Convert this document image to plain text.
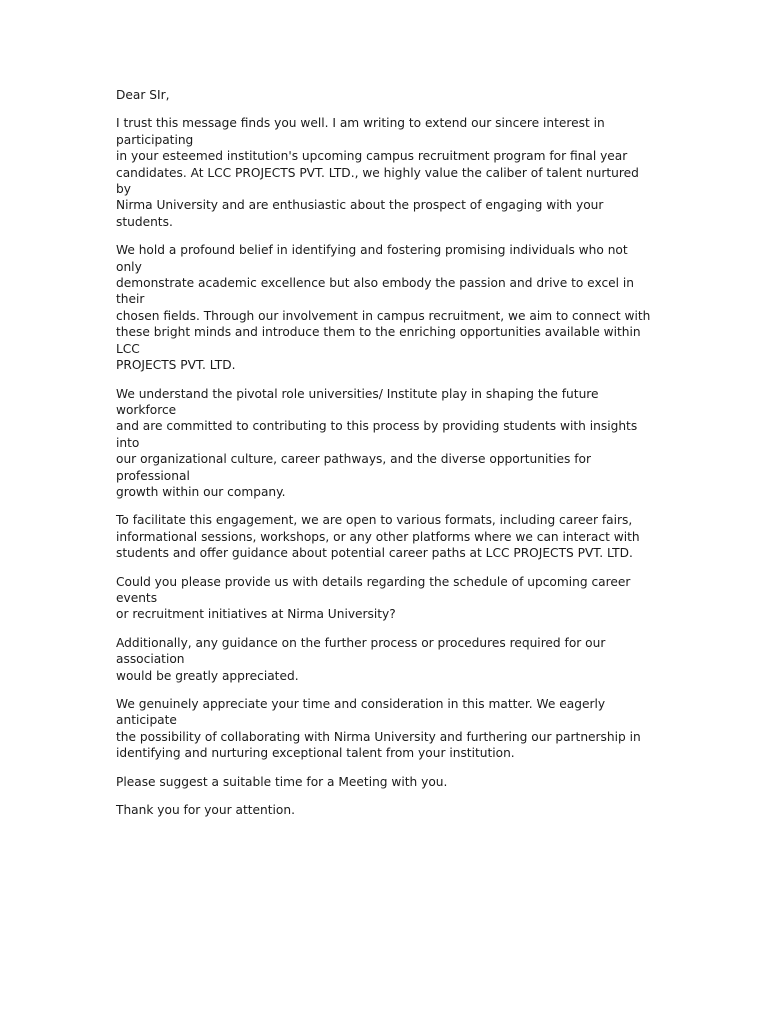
Dear SIr,

I trust this message finds you well. I am writing to extend our sincere interest in participating
in your esteemed institution's upcoming campus recruitment program for final year
candidates. At LCC PROJECTS PVT. LTD., we highly value the caliber of talent nurtured by
Nirma University and are enthusiastic about the prospect of engaging with your students.

We hold a profound belief in identifying and fostering promising individuals who not only
demonstrate academic excellence but also embody the passion and drive to excel in their
chosen fields. Through our involvement in campus recruitment, we aim to connect with
these bright minds and introduce them to the enriching opportunities available within LCC
PROJECTS PVT. LTD.

We understand the pivotal role universities/ Institute play in shaping the future workforce
and are committed to contributing to this process by providing students with insights into
our organizational culture, career pathways, and the diverse opportunities for professional
growth within our company.

To facilitate this engagement, we are open to various formats, including career fairs,
informational sessions, workshops, or any other platforms where we can interact with
students and offer guidance about potential career paths at LCC PROJECTS PVT. LTD.

Could you please provide us with details regarding the schedule of upcoming career events
or recruitment initiatives at Nirma University?

Additionally, any guidance on the further process or procedures required for our association
would be greatly appreciated.

We genuinely appreciate your time and consideration in this matter. We eagerly anticipate
the possibility of collaborating with Nirma University and furthering our partnership in
identifying and nurturing exceptional talent from your institution.

Please suggest a suitable time for a Meeting with you.

Thank you for your attention.
